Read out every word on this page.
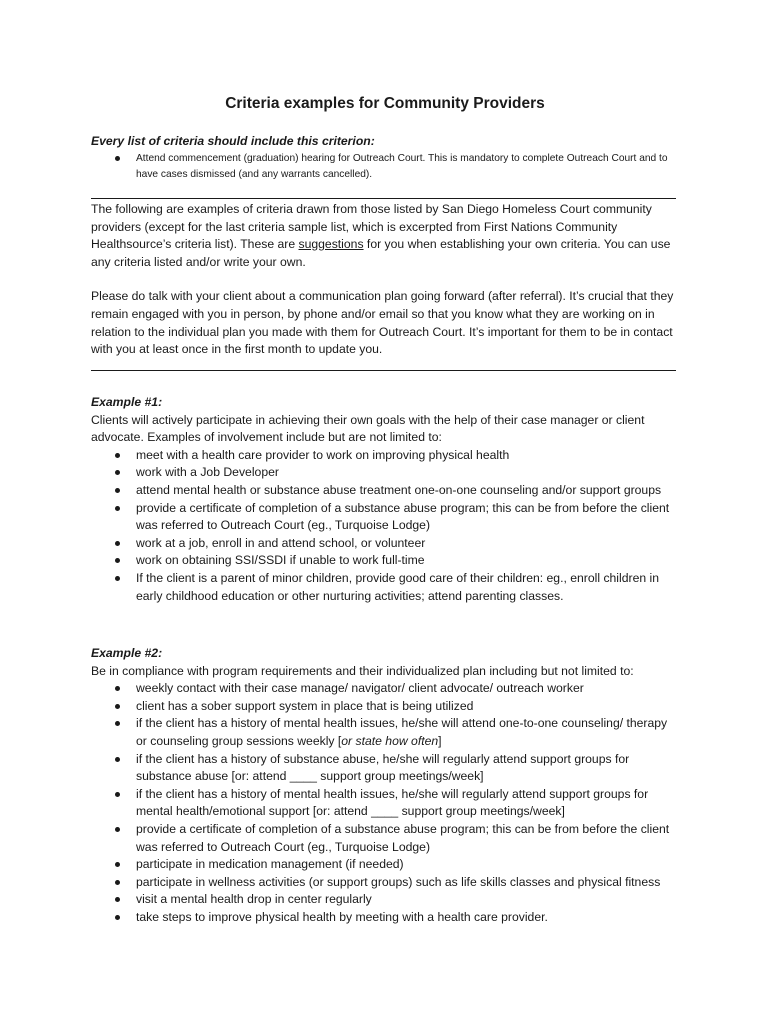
Criteria examples for Community Providers

Every list of criteria should include this criterion:

Attend commencement (graduation) hearing for Outreach Court. This is mandatory to complete Outreach Court and to have cases dismissed (and any warrants cancelled).

The following are examples of criteria drawn from those listed by San Diego Homeless Court community providers (except for the last criteria sample list, which is excerpted from First Nations Community Healthsource’s criteria list). These are suggestions for you when establishing your own criteria. You can use any criteria listed and/or write your own.

Please do talk with your client about a communication plan going forward (after referral). It’s crucial that they remain engaged with you in person, by phone and/or email so that you know what they are working on in relation to the individual plan you made with them for Outreach Court. It’s important for them to be in contact with you at least once in the first month to update you.

Example #1:

Clients will actively participate in achieving their own goals with the help of their case manager or client advocate. Examples of involvement include but are not limited to:

meet with a health care provider to work on improving physical health
work with a Job Developer
attend mental health or substance abuse treatment one-on-one counseling and/or support groups
provide a certificate of completion of a substance abuse program; this can be from before the client was referred to Outreach Court (eg., Turquoise Lodge)
work at a job, enroll in and attend school, or volunteer
work on obtaining SSI/SSDI if unable to work full-time
If the client is a parent of minor children, provide good care of their children: eg., enroll children in early childhood education or other nurturing activities; attend parenting classes.

Example #2:

Be in compliance with program requirements and their individualized plan including but not limited to:

weekly contact with their case manage/ navigator/ client advocate/ outreach worker
client has a sober support system in place that is being utilized
if the client has a history of mental health issues, he/she will attend one-to-one counseling/ therapy or counseling group sessions weekly [or state how often]
if the client has a history of substance abuse, he/she will regularly attend support groups for substance abuse [or: attend ____ support group meetings/week]
if the client has a history of mental health issues, he/she will regularly attend support groups for mental health/emotional support [or: attend ____ support group meetings/week]
provide a certificate of completion of a substance abuse program; this can be from before the client was referred to Outreach Court (eg., Turquoise Lodge)
participate in medication management (if needed)
participate in wellness activities (or support groups) such as life skills classes and physical fitness
visit a mental health drop in center regularly
take steps to improve physical health by meeting with a health care provider.
